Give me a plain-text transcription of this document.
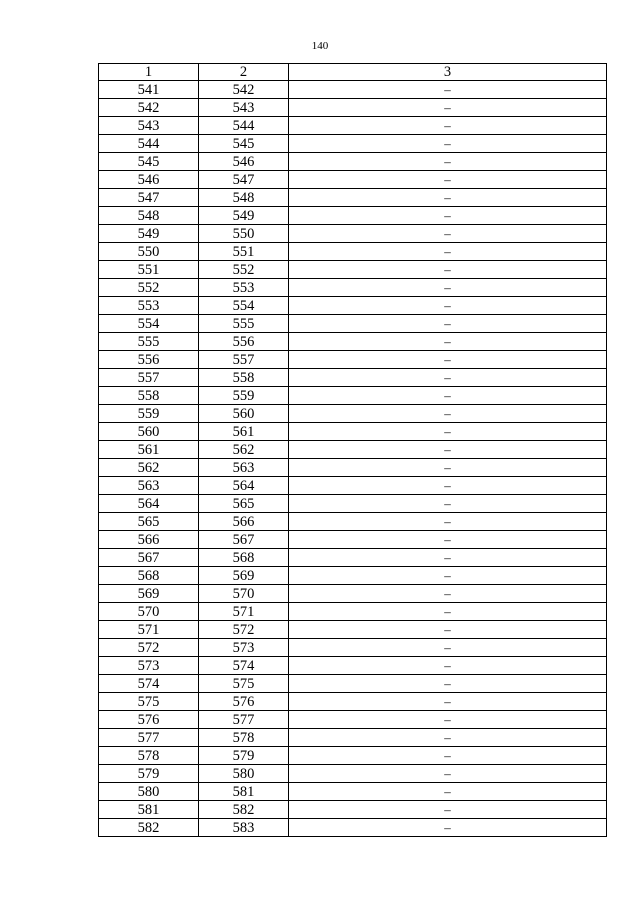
140
1	2	3
541	542	–
542	543	–
543	544	–
544	545	–
545	546	–
546	547	–
547	548	–
548	549	–
549	550	–
550	551	–
551	552	–
552	553	–
553	554	–
554	555	–
555	556	–
556	557	–
557	558	–
558	559	–
559	560	–
560	561	–
561	562	–
562	563	–
563	564	–
564	565	–
565	566	–
566	567	–
567	568	–
568	569	–
569	570	–
570	571	–
571	572	–
572	573	–
573	574	–
574	575	–
575	576	–
576	577	–
577	578	–
578	579	–
579	580	–
580	581	–
581	582	–
582	583	–
